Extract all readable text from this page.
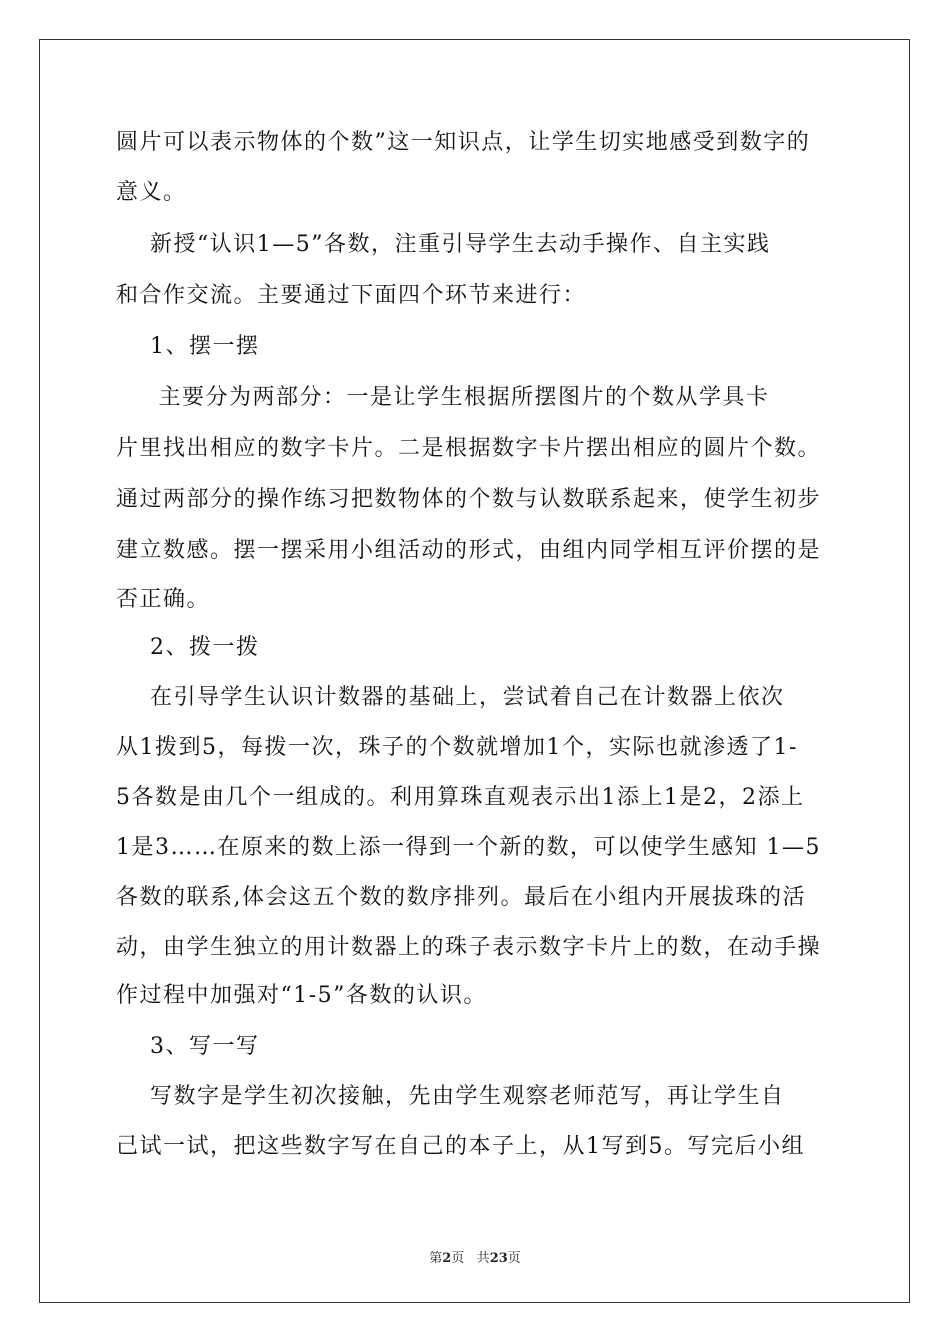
圆片可以表示物体的个数”这一知识点，让学生切实地感受到数字的
意义。
新授“认识1—5”各数，注重引导学生去动手操作、自主实践
和合作交流。主要通过下面四个环节来进行：
1、摆一摆
主要分为两部分：一是让学生根据所摆图片的个数从学具卡
片里找出相应的数字卡片。二是根据数字卡片摆出相应的圆片个数。
通过两部分的操作练习把数物体的个数与认数联系起来，使学生初步
建立数感。摆一摆采用小组活动的形式，由组内同学相互评价摆的是
否正确。
2、拨一拨
在引导学生认识计数器的基础上，尝试着自己在计数器上依次
从1拨到5，每拨一次，珠子的个数就增加1个，实际也就渗透了1-
5各数是由几个一组成的。利用算珠直观表示出1添上1是2，2添上
1是3……在原来的数上添一得到一个新的数，可以使学生感知 1—5
各数的联系,体会这五个数的数序排列。最后在小组内开展拔珠的活
动，由学生独立的用计数器上的珠子表示数字卡片上的数，在动手操
作过程中加强对“1-5”各数的认识。
3、写一写
写数字是学生初次接触，先由学生观察老师范写，再让学生自
己试一试，把这些数字写在自己的本子上，从1写到5。写完后小组
第2页 共23页
